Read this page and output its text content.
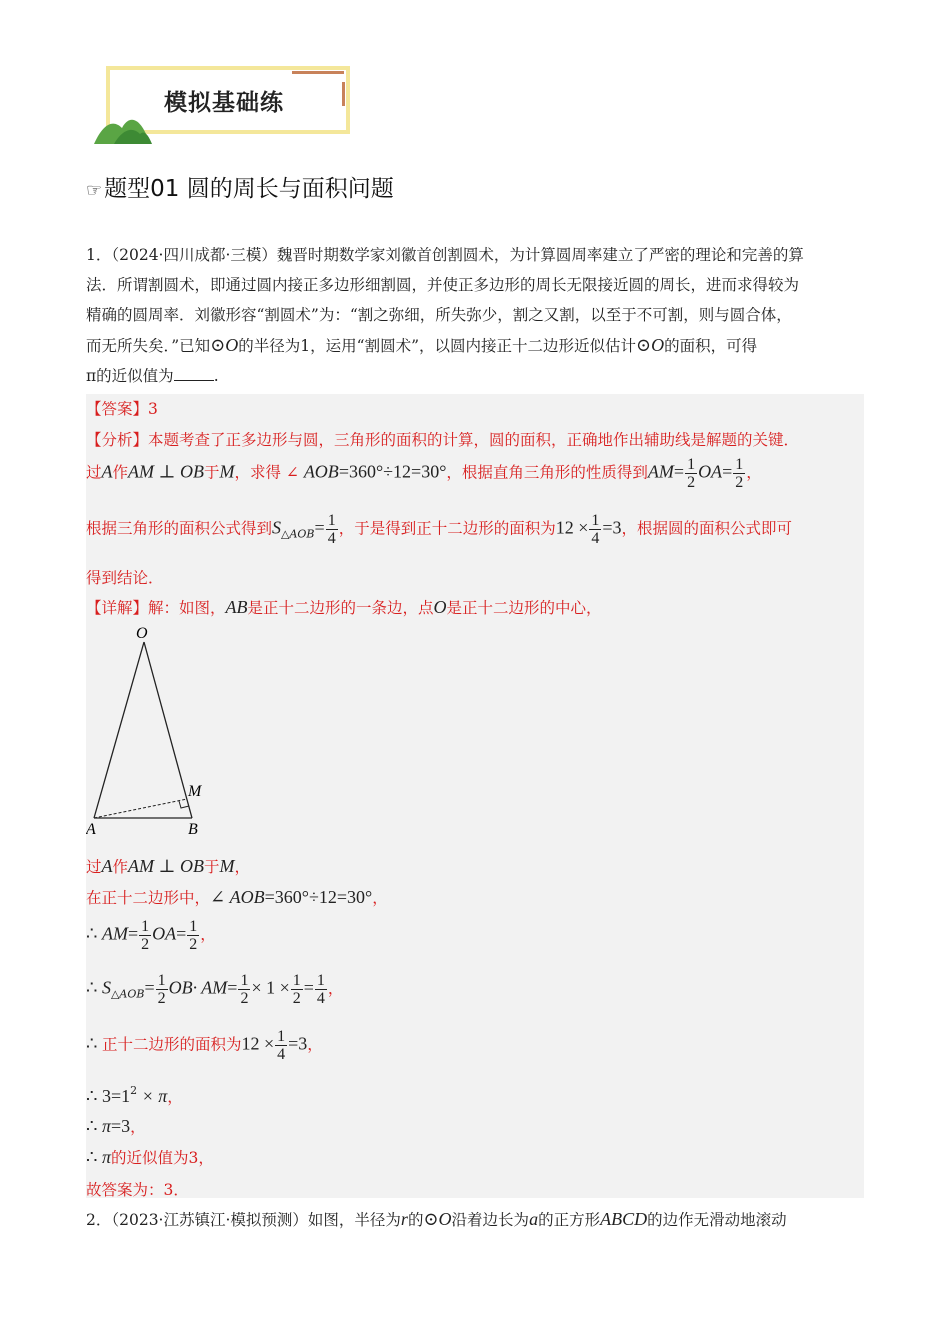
模拟基础练
☞题型01 圆的周长与面积问题
1．（2024·四川成都·三模）魏晋时期数学家刘徽首创割圆术，为计算圆周率建立了严密的理论和完善的算
法．所谓割圆术，即通过圆内接正多边形细割圆，并使正多边形的周长无限接近圆的周长，进而求得较为
精确的圆周率．刘徽形容“割圆术”为：“割之弥细，所失弥少，割之又割，以至于不可割，则与圆合体，
而无所失矣．”已知⊙O的半径为1，运用“割圆术”，以圆内接正十二边形近似估计⊙O的面积，可得
π的近似值为	.
【答案】3
【分析】本题考查了正多边形与圆，三角形的面积的计算，圆的面积，正确地作出辅助线是解题的关键．
过A作AM ⊥ OB于M，求得 ∠ AOB=360°÷12=30°，根据直角三角形的性质得到$AM= \frac{1}{2} OA= \frac{1}{2}$ ，
根据三角形的面积公式得到$S_{\triangle AOB}= \frac{1}{4}$ ，于是得到正十二边形的面积为$12 \times \frac{1}{4} =3$，根据圆的面积公式即可
得到结论．
【详解】解：如图，AB是正十二边形的一条边，点O是正十二边形的中心，
O
M
A	B
过A作AM ⊥ OB于M，
在正十二边形中，∠ AOB=360°÷12=30°，
∴ $AM= \frac{1}{2} OA= \frac{1}{2}$ ，
∴ $S_{\triangle AOB}= \frac{1}{2} OB\cdot AM= \frac{1}{2} \times 1 \times \frac{1}{2} = \frac{1}{4}$ ，
∴ 正十二边形的面积为$12 \times \frac{1}{4} =3$，
∴ $3=1^2 \times \pi$，
∴ π=3，
∴ π的近似值为3，
故答案为：3．
2．（2023·江苏镇江·模拟预测）如图，半径为r的⊙O沿着边长为a的正方形ABCD的边作无滑动地滚动
